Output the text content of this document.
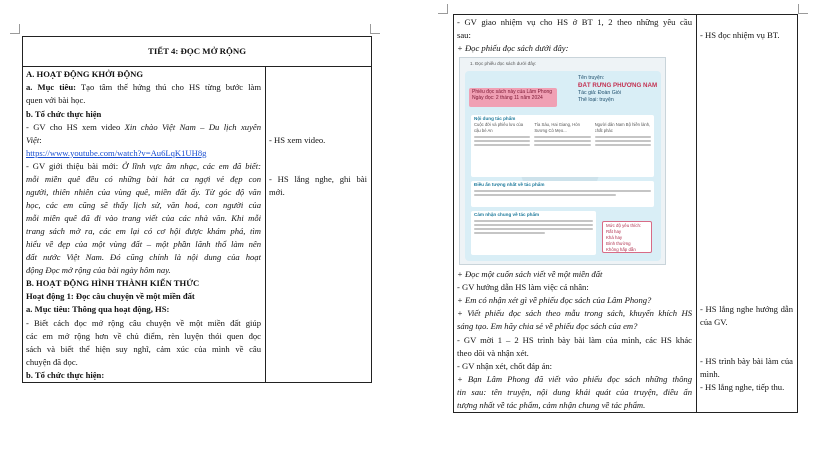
TIẾT 4: ĐỌC MỞ RỘNG

A. HOẠT ĐỘNG KHỞI ĐỘNG
a. Mục tiêu: Tạo tâm thế hứng thú cho HS từng bước làm
quen với bài học.
b. Tổ chức thực hiện
- GV cho HS xem video Xin chào Việt Nam – Du lịch xuyên
Việt:
https://www.youtube.com/watch?v=Au6LqK1UH8g
- GV giới thiệu bài mới: Ở lĩnh vực âm nhạc, các em đã biết:
mỗi miền quê đều có những bài hát ca ngợi vẻ đẹp con
người, thiên nhiên của vùng quê, miền đất ấy. Từ góc độ văn
học, các em cũng sẽ thấy lịch sử, văn hoá, con người của
mỗi miền quê đã đi vào trang viết của các nhà văn. Khi mỗi
trang sách mở ra, các em lại có cơ hội được khám phá, tìm
hiểu về đẹp của một vùng đất – một phần lãnh thổ làm nên
đất nước Việt Nam. Đó cũng chính là nội dung của hoạt
động Đọc mở rộng của bài ngày hôm nay.
B. HOẠT ĐỘNG HÌNH THÀNH KIẾN THỨC
Hoạt động 1: Đọc câu chuyện về một miền đất
a. Mục tiêu: Thông qua hoạt động, HS:
- Biết cách đọc mở rộng câu chuyện về một miền đất giúp
các em mở rộng hơn về chủ điểm, rèn luyện thói quen đọc
sách và biết thể hiện suy nghĩ, cảm xúc của mình về câu
chuyện đã đọc.
b. Tổ chức thực hiện:

- HS xem video.
- HS lắng nghe, ghi bài
mới.
- GV giao nhiệm vụ cho HS ở BT 1, 2 theo những yêu cầu
sau:
+ Đọc phiếu đọc sách dưới đây:
1. Đọc phiếu đọc sách dưới đây:
Phiếu đọc sách này của Lâm Phong
Ngày đọc: 2 tháng 11 năm 2024
Tên truyện:
ĐẤT RỪNG PHƯƠNG NAM
Tác giả: Đoàn Giỏi
Thể loại: truyện
Nội dung tác phẩm
Cuộc đời và phiêu lưu của cậu bé An
Tía Sáu, Hai Giang, Hòn Sương Cò Mẹo...
Người dân Nam Bộ hiền lành, chất phác
Điều ấn tượng nhất về tác phẩm
Cảm nhận chung về tác phẩm
Mức độ yêu thích:
Rất hay
Khá hay
Bình thường
Không hấp dẫn
+ Đọc một cuốn sách viết về một miền đất
- GV hướng dẫn HS làm việc cá nhân:
+ Em có nhận xét gì về phiếu đọc sách của Lâm Phong?
+ Viết phiếu đọc sách theo mẫu trong sách, khuyến khích HS
sáng tạo. Em hãy chia sẻ về phiếu đọc sách của em?
- GV mời 1 – 2 HS trình bày bài làm của mình, các HS khác
theo dõi và nhận xét.
- GV nhận xét, chốt đáp án:
+ Bạn Lâm Phong đã viết vào phiếu đọc sách những thông
tin sau: tên truyện, nội dung khái quát của truyện, điều ấn
tượng nhất về tác phẩm, cảm nhận chung về tác phẩm.

- HS đọc nhiệm vụ BT.
- HS lắng nghe hướng dẫn
của GV.
- HS trình bày bài làm của
mình.
- HS lắng nghe, tiếp thu.
